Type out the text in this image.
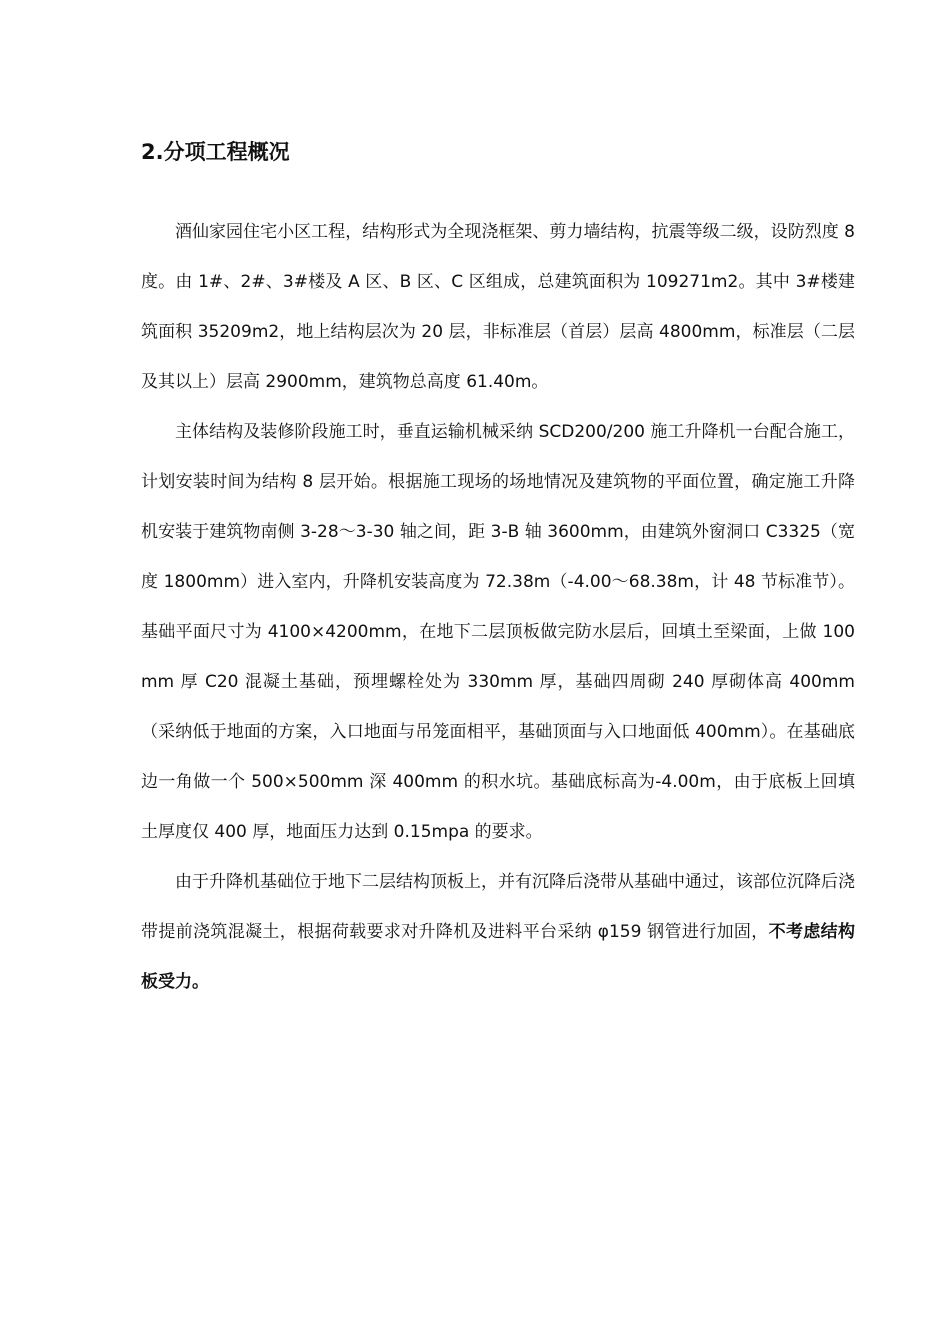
2.分项工程概况

酒仙家园住宅小区工程，结构形式为全现浇框架、剪力墙结构，抗震等级二级，设防烈度 8 度。由 1#、2#、3#楼及 A 区、B 区、C 区组成，总建筑面积为 109271m2。其中 3#楼建筑面积 35209m2，地上结构层次为 20 层，非标准层（首层）层高 4800mm，标准层（二层及其以上）层高 2900mm，建筑物总高度 61.40m。

主体结构及装修阶段施工时，垂直运输机械采纳 SCD200/200 施工升降机一台配合施工，计划安装时间为结构 8 层开始。根据施工现场的场地情况及建筑物的平面位置，确定施工升降机安装于建筑物南侧 3-28～3-30 轴之间，距 3-B 轴 3600mm，由建筑外窗洞口 C3325（宽度 1800mm）进入室内，升降机安装高度为 72.38m（-4.00～68.38m，计 48 节标准节）。基础平面尺寸为 4100×4200mm，在地下二层顶板做完防水层后，回填土至梁面，上做 100mm 厚 C20 混凝土基础，预埋螺栓处为 330mm 厚，基础四周砌 240 厚砌体高 400mm（采纳低于地面的方案，入口地面与吊笼面相平，基础顶面与入口地面低 400mm）。在基础底边一角做一个 500×500mm 深 400mm 的积水坑。基础底标高为-4.00m，由于底板上回填土厚度仅 400 厚，地面压力达到 0.15mpa 的要求。

由于升降机基础位于地下二层结构顶板上，并有沉降后浇带从基础中通过，该部位沉降后浇带提前浇筑混凝土，根据荷载要求对升降机及进料平台采纳 φ159 钢管进行加固，不考虑结构板受力。
